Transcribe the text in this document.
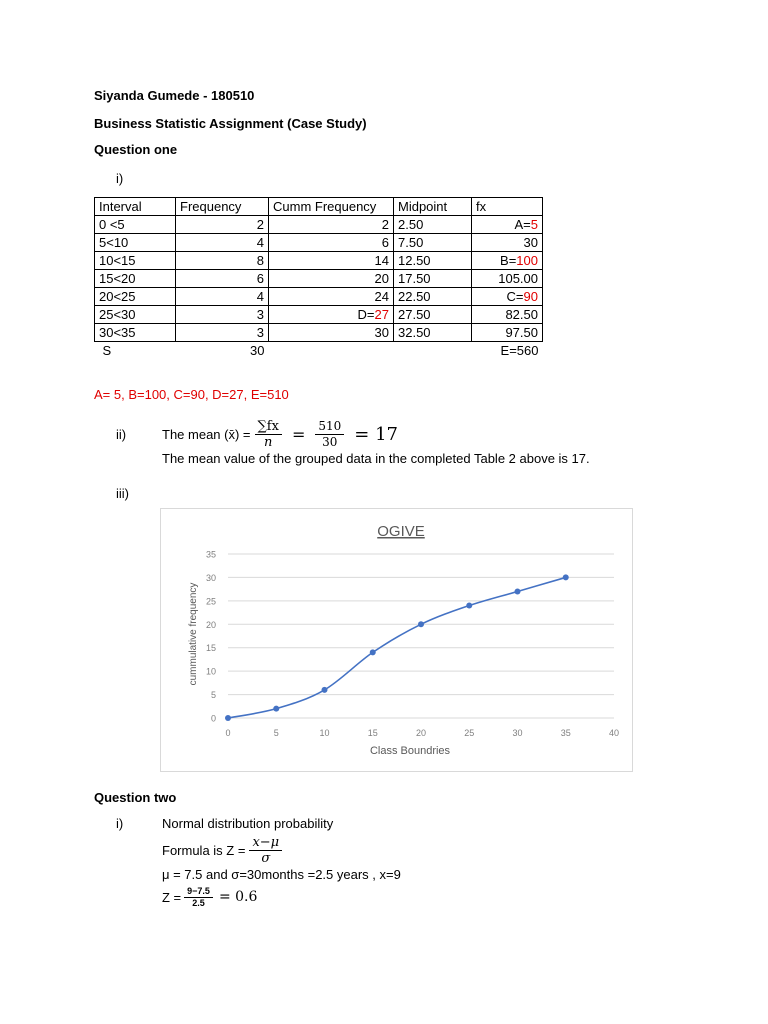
Siyanda Gumede - 180510
Business Statistic Assignment (Case Study)
Question one
i)
Interval	Frequency	Cumm Frequency	Midpoint	fx
0 <5	2	2	2.50	A=5
5<10	4	6	7.50	30
10<15	8	14	12.50	B=100
15<20	6	20	17.50	105.00
20<25	4	24	22.50	C=90
25<30	3	D=27	27.50	82.50
30<35	3	30	32.50	97.50
S	30			E=560
A= 5, B=100, C=90, D=27, E=510
ii)	The mean (x̄) = $\frac{\sum fx}{n} = \frac{510}{30} = 17$
The mean value of the grouped data in the completed Table 2 above is 17.
iii)
OGIVE
0
5
10
15
20
25
30
35
0	5	10	15	20	25	30	35	40
Class Boundries
cummulative frequency
Question two
i)	Normal distribution probability
Formula is $Z = \frac{x-\mu}{\sigma}$
μ = 7.5 and σ=30months =2.5 years , x=9
$Z = \frac{9-7.5}{2.5} = 0.6$
